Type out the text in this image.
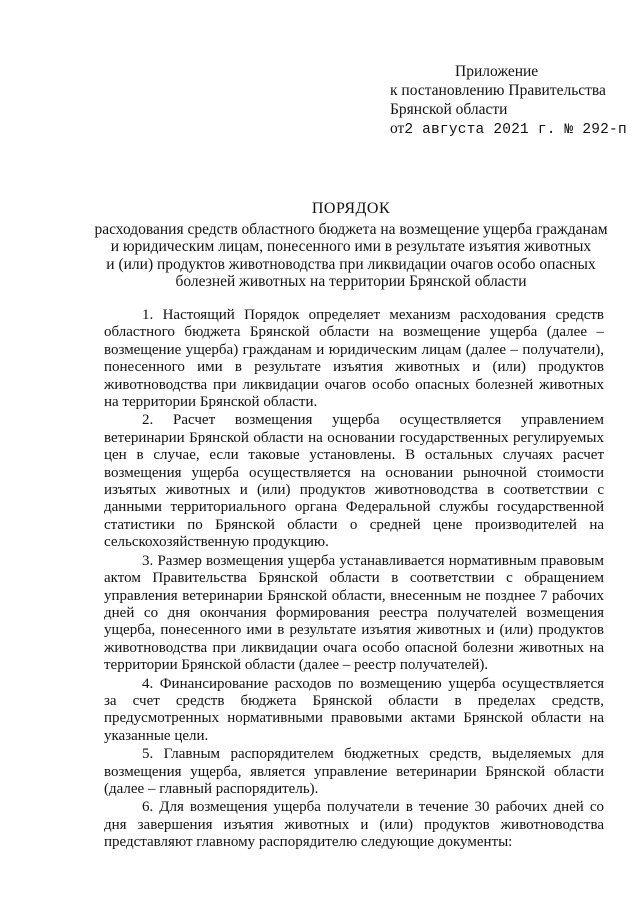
Приложение
к постановлению Правительства
Брянской области
от2 августа 2021 г. № 292-п
ПОРЯДОК
расходования средств областного бюджета на возмещение ущерба гражданам
и юридическим лицам, понесенного ими в результате изъятия животных
и (или) продуктов животноводства при ликвидации очагов особо опасных
болезней животных на территории Брянской области

1. Настоящий Порядок определяет механизм расходования средств областного бюджета Брянской области на возмещение ущерба (далее – возмещение ущерба) гражданам и юридическим лицам (далее – получатели), понесенного ими в результате изъятия животных и (или) продуктов животноводства при ликвидации очагов особо опасных болезней животных на территории Брянской области.

2. Расчет возмещения ущерба осуществляется управлением ветеринарии Брянской области на основании государственных регулируемых цен в случае, если таковые установлены. В остальных случаях расчет возмещения ущерба осуществляется на основании рыночной стоимости изъятых животных и (или) продуктов животноводства в соответствии с данными территориального органа Федеральной службы государственной статистики по Брянской области о средней цене производителей на сельскохозяйственную продукцию.

3. Размер возмещения ущерба устанавливается нормативным правовым актом Правительства Брянской области в соответствии с обращением управления ветеринарии Брянской области, внесенным не позднее 7 рабочих дней со дня окончания формирования реестра получателей возмещения ущерба, понесенного ими в результате изъятия животных и (или) продуктов животноводства при ликвидации очага особо опасной болезни животных на территории Брянской области (далее – реестр получателей).

4. Финансирование расходов по возмещению ущерба осуществляется за счет средств бюджета Брянской области в пределах средств, предусмотренных нормативными правовыми актами Брянской области на указанные цели.

5. Главным распорядителем бюджетных средств, выделяемых для возмещения ущерба, является управление ветеринарии Брянской области (далее – главный распорядитель).

6. Для возмещения ущерба получатели в течение 30 рабочих дней со дня завершения изъятия животных и (или) продуктов животноводства представляют главному распорядителю следующие документы:
